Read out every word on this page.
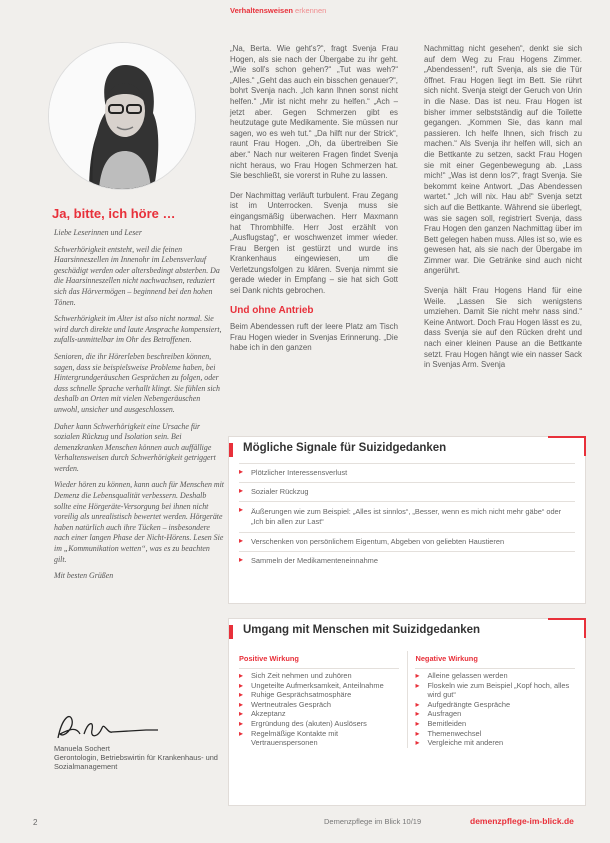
Ja, bitte, ich höre …

Liebe Leserinnen und Leser

Schwerhörigkeit entsteht, weil die feinen Haarsinneszellen im Innenohr im Lebensverlauf geschädigt werden oder altersbedingt absterben. Da die Haarsinneszellen nicht nachwachsen, reduziert sich das Hörvermögen – beginnend bei den hohen Tönen.

Schwerhörigkeit im Alter ist also nicht normal. Sie wird durch direkte und laute Ansprache kompensiert, zufalls-unmittelbar im Ohr des Betroffenen.

Senioren, die ihr Hörerleben beschreiben können, sagen, dass sie beispielsweise Probleme haben, bei Hintergrundgeräuschen Gesprächen zu folgen, oder dass schnelle Sprache verhallt klingt. Sie fühlen sich deshalb an Orten mit vielen Nebengeräuschen unwohl, unsicher und ausgeschlossen.

Daher kann Schwerhörigkeit eine Ursache für sozialen Rückzug und Isolation sein. Bei demenzkranken Menschen können auch auffällige Verhaltensweisen durch Schwerhörigkeit getriggert werden.

Wieder hören zu können, kann auch für Menschen mit Demenz die Lebensqualität verbessern. Deshalb sollte eine Hörgeräte-Versorgung bei ihnen nicht voreilig als unrealistisch bewertet werden. Hörgeräte haben natürlich auch ihre Tücken – insbesondere nach einer langen Phase der Nicht-Hörens. Lesen Sie im „Kommunikation wetten“, was es zu beachten gilt.

Mit besten Grüßen

Manuela Sochert
Gerontologin, Betriebswirtin für Krankenhaus- und Sozialmanagement
Verhaltensweisen erkennen

„Na, Berta. Wie geht's?“, fragt Svenja Frau Hogen, als sie nach der Übergabe zu ihr geht. „Wie soll's schon gehen?“ „Tut was weh?“ „Alles.“ „Geht das auch ein bisschen genauer?“, bohrt Svenja nach. „Ich kann Ihnen sonst nicht helfen.“ „Mir ist nicht mehr zu helfen.“ „Ach – jetzt aber. Gegen Schmerzen gibt es heutzutage gute Medikamente. Sie müssen nur sagen, wo es weh tut.“ „Da hilft nur der Strick“, raunt Frau Hogen. „Oh, da übertreiben Sie aber.“ Nach nur weiteren Fragen findet Svenja nicht heraus, wo Frau Hogen Schmerzen hat. Sie beschließt, sie vorerst in Ruhe zu lassen.

Der Nachmittag verläuft turbulent. Frau Zegang ist im Unterrocken. Svenja muss sie eingangsmäßig überwachen. Herr Maxmann hat Thrombhilfe. Herr Jost erzählt von „Ausflugstag“, er woschwenzet immer wieder. Frau Bergen ist gestürzt und wurde ins Krankenhaus eingewiesen, um die Verletzungsfolgen zu klären. Svenja nimmt sie gerade wieder in Empfang – sie hat sich Gott sei Dank nichts gebrochen.

Und ohne Antrieb

Beim Abendessen ruft der leere Platz am Tisch Frau Hogen wieder in Svenjas Erinnerung. „Die habe ich in den ganzen

Nachmittag nicht gesehen“, denkt sie sich auf dem Weg zu Frau Hogens Zimmer. „Abendessen!“, ruft Svenja, als sie die Tür öffnet. Frau Hogen liegt im Bett. Sie rührt sich nicht. Svenja steigt der Geruch von Urin in die Nase. Das ist neu. Frau Hogen ist bisher immer selbstständig auf die Toilette gegangen. „Kommen Sie, das kann mal passieren. Ich helfe Ihnen, sich frisch zu machen.“ Als Svenja ihr helfen will, sich an die Bettkante zu setzen, sackt Frau Hogen sie mit einer Gegenbewegung ab. „Lass mich!“ „Was ist denn los?“, fragt Svenja. Sie bekommt keine Antwort. „Das Abendessen wartet.“ „Ich will nix. Hau ab!“ Svenja setzt sich auf die Bettkante. Während sie überlegt, was sie sagen soll, registriert Svenja, dass Frau Hogen den ganzen Nachmittag über im Bett gelegen haben muss. Alles ist so, wie es gewesen hat, als sie nach der Übergabe im Zimmer war. Die Getränke sind auch nicht angerührt.

Svenja hält Frau Hogens Hand für eine Weile. „Lassen Sie sich wenigstens umziehen. Damit Sie nicht mehr nass sind.“ Keine Antwort. Doch Frau Hogen lässt es zu, dass Svenja sie auf den Rücken dreht und nach einer kleinen Pause an die Bettkante setzt. Frau Hogen hängt wie ein nasser Sack in Svenjas Arm. Svenja

Mögliche Signale für Suizidgedanken
▸ Plötzlicher Interessensverlust
▸ Sozialer Rückzug
▸ Äußerungen wie zum Beispiel: „Alles ist sinnlos“, „Besser, wenn es mich nicht mehr gäbe“ oder „Ich bin allen zur Last“
▸ Verschenken von persönlichem Eigentum, Abgeben von geliebten Haustieren
▸ Sammeln der Medikamenteneinnahme
Umgang mit Menschen mit Suizidgedanken
Positive Wirkung
▸ Sich Zeit nehmen und zuhören
▸ Ungeteilte Aufmerksamkeit, Anteilnahme
▸ Ruhige Gesprächsatmosphäre
▸ Wertneutrales Gespräch
▸ Akzeptanz
▸ Ergründung des (akuten) Auslösers
▸ Regelmäßige Kontakte mit Vertrauenspersonen
Negative Wirkung
▸ Alleine gelassen werden
▸ Floskeln wie zum Beispiel „Kopf hoch, alles wird gut“
▸ Aufgedrängte Gespräche
▸ Ausfragen
▸ Bemitleiden
▸ Themenwechsel
▸ Vergleiche mit anderen
2	Demenzpflege im Blick 10/19	demenzpflege-im-blick.de
